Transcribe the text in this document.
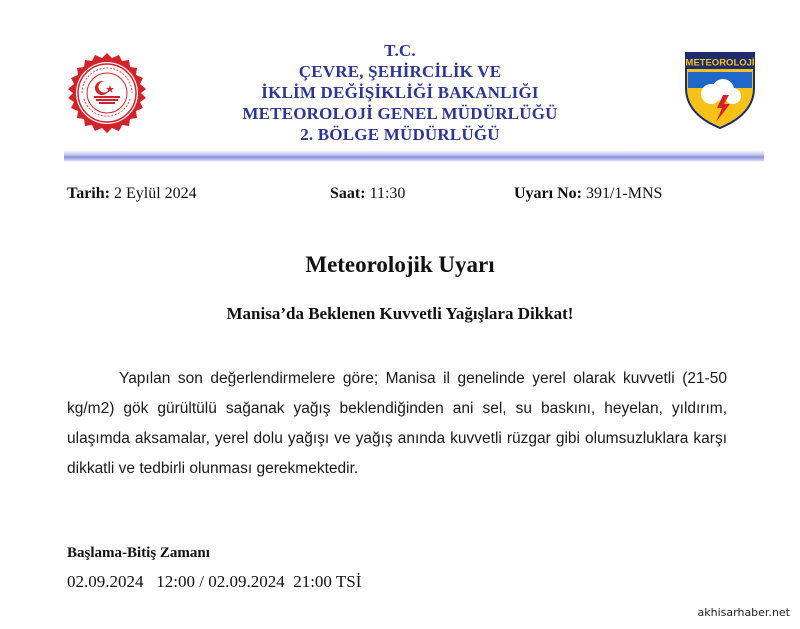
T.C.
ÇEVRE, ŞEHİRCİLİK VE
İKLİM DEĞİŞİKLİĞİ BAKANLIĞI
METEOROLOJİ GENEL MÜDÜRLÜĞÜ
2. BÖLGE MÜDÜRLÜĞÜ
METEOROLOJİ
Tarih: 2 Eylül 2024	Saat: 11:30	Uyarı No: 391/1-MNS
Meteorolojik Uyarı
Manisa’da Beklenen Kuvvetli Yağışlara Dikkat!
Yapılan son değerlendirmelere göre; Manisa il genelinde yerel olarak kuvvetli (21-50 kg/m2) gök gürültülü sağanak yağış beklendiğinden ani sel, su baskını, heyelan, yıldırım, ulaşımda aksamalar, yerel dolu yağışı ve yağış anında kuvvetli rüzgar gibi olumsuzluklara karşı dikkatli ve tedbirli olunması gerekmektedir.
Başlama-Bitiş Zamanı
02.09.2024   12:00 / 02.09.2024  21:00 TSİ
akhisarhaber.net
